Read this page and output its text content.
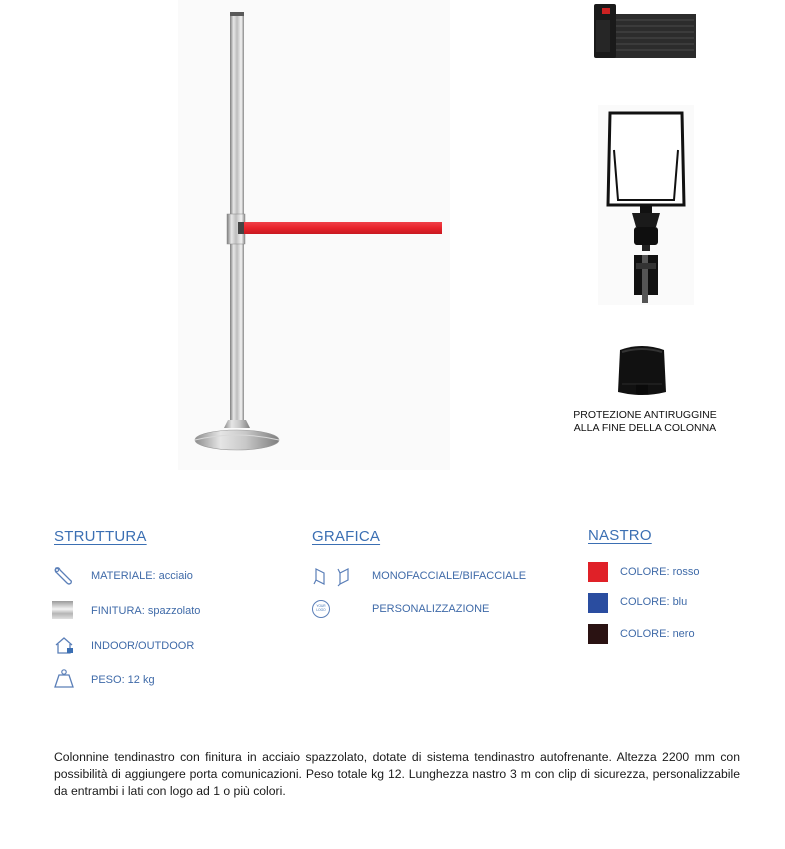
PROTEZIONE ANTIRUGGINE
ALLA FINE DELLA COLONNA
STRUTTURA	GRAFICA	NASTRO
MATERIALE: acciaio
FINITURA: spazzolato
INDOOR/OUTDOOR
PESO: 12 kg
MONOFACCIALE/BIFACCIALE
YOUR LOGO	PERSONALIZZAZIONE
COLORE: rosso
COLORE: blu
COLORE: nero
Colonnine tendinastro con finitura in acciaio spazzolato, dotate di sistema tendinastro autofrenante. Altezza 2200 mm con possibilità di aggiungere porta comunicazioni. Peso totale kg 12. Lunghezza nastro 3 m con clip di sicurezza, personalizzabile da entrambi i lati con logo ad 1 o più colori.
